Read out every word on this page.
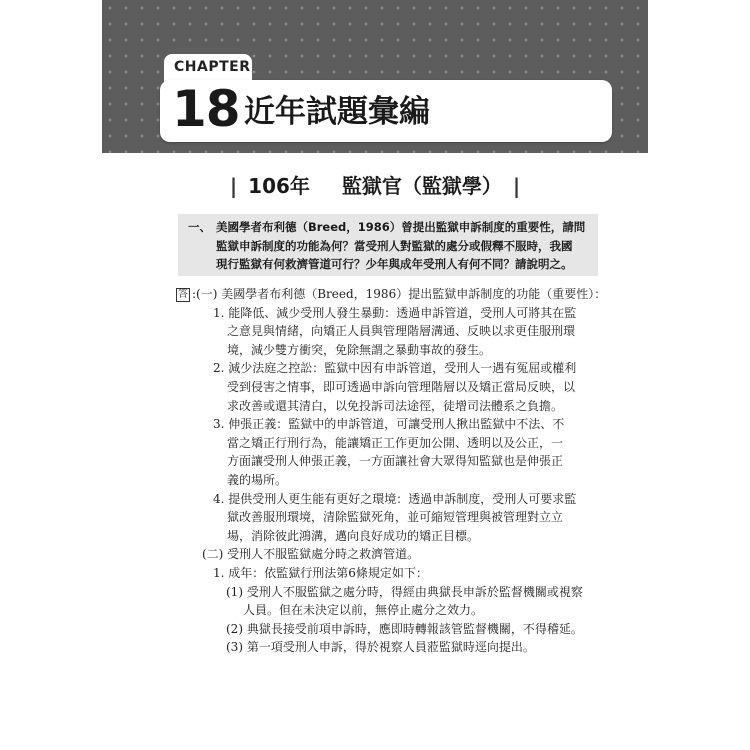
CHAPTER
18 近年試題彙編
| 106年 監獄官（監獄學） |
一、 美國學者布利德（Breed，1986）曾提出監獄申訴制度的重要性，請問
監獄申訴制度的功能為何？當受刑人對監獄的處分或假釋不服時，我國
現行監獄有何救濟管道可行？少年與成年受刑人有何不同？請說明之。
答 :(一) 美國學者布利德（Breed，1986）提出監獄申訴制度的功能（重要性）：
1. 能降低、減少受刑人發生暴動：透過申訴管道，受刑人可將其在監
之意見與情緒，向矯正人員與管理階層溝通、反映以求更佳服刑環
境，減少雙方衝突，免除無謂之暴動事故的發生。
2. 減少法庭之控訟：監獄中因有申訴管道，受刑人一遇有冤屈或權利
受到侵害之情事，即可透過申訴向管理階層以及矯正當局反映，以
求改善或還其清白，以免投訴司法途徑，徒增司法體系之負擔。
3. 伸張正義：監獄中的申訴管道，可讓受刑人揪出監獄中不法、不
當之矯正行刑行為，能讓矯正工作更加公開、透明以及公正，一
方面讓受刑人伸張正義，一方面讓社會大眾得知監獄也是伸張正
義的場所。
4. 提供受刑人更生能有更好之環境：透過申訴制度，受刑人可要求監
獄改善服刑環境，清除監獄死角，並可縮短管理與被管理對立立
場，消除彼此鴻溝，邁向良好成功的矯正目標。
(二) 受刑人不服監獄處分時之救濟管道。
1. 成年：依監獄行刑法第6條規定如下：
(1) 受刑人不服監獄之處分時，得經由典獄長申訴於監督機關或視察
人員。但在未決定以前，無停止處分之效力。
(2) 典獄長接受前項申訴時，應即時轉報該管監督機關，不得稽延。
(3) 第一項受刑人申訴，得於視察人員蒞監獄時逕向提出。
